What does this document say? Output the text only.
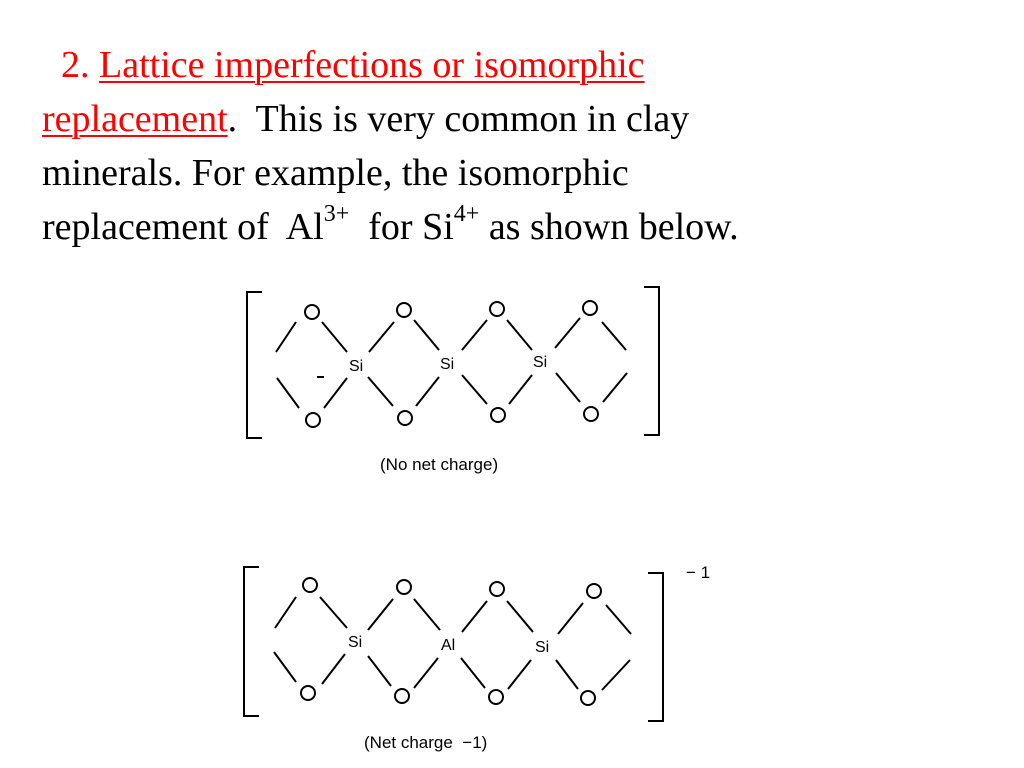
2. Lattice imperfections or isomorphic
replacement. This is very common in clay
minerals. For example, the isomorphic
replacement of $Al^{3+}$ for $Si^{4+}$ as shown below.
Si	Si	Si
(No net charge)
Si	Al	Si
− 1
(Net charge  −1)
